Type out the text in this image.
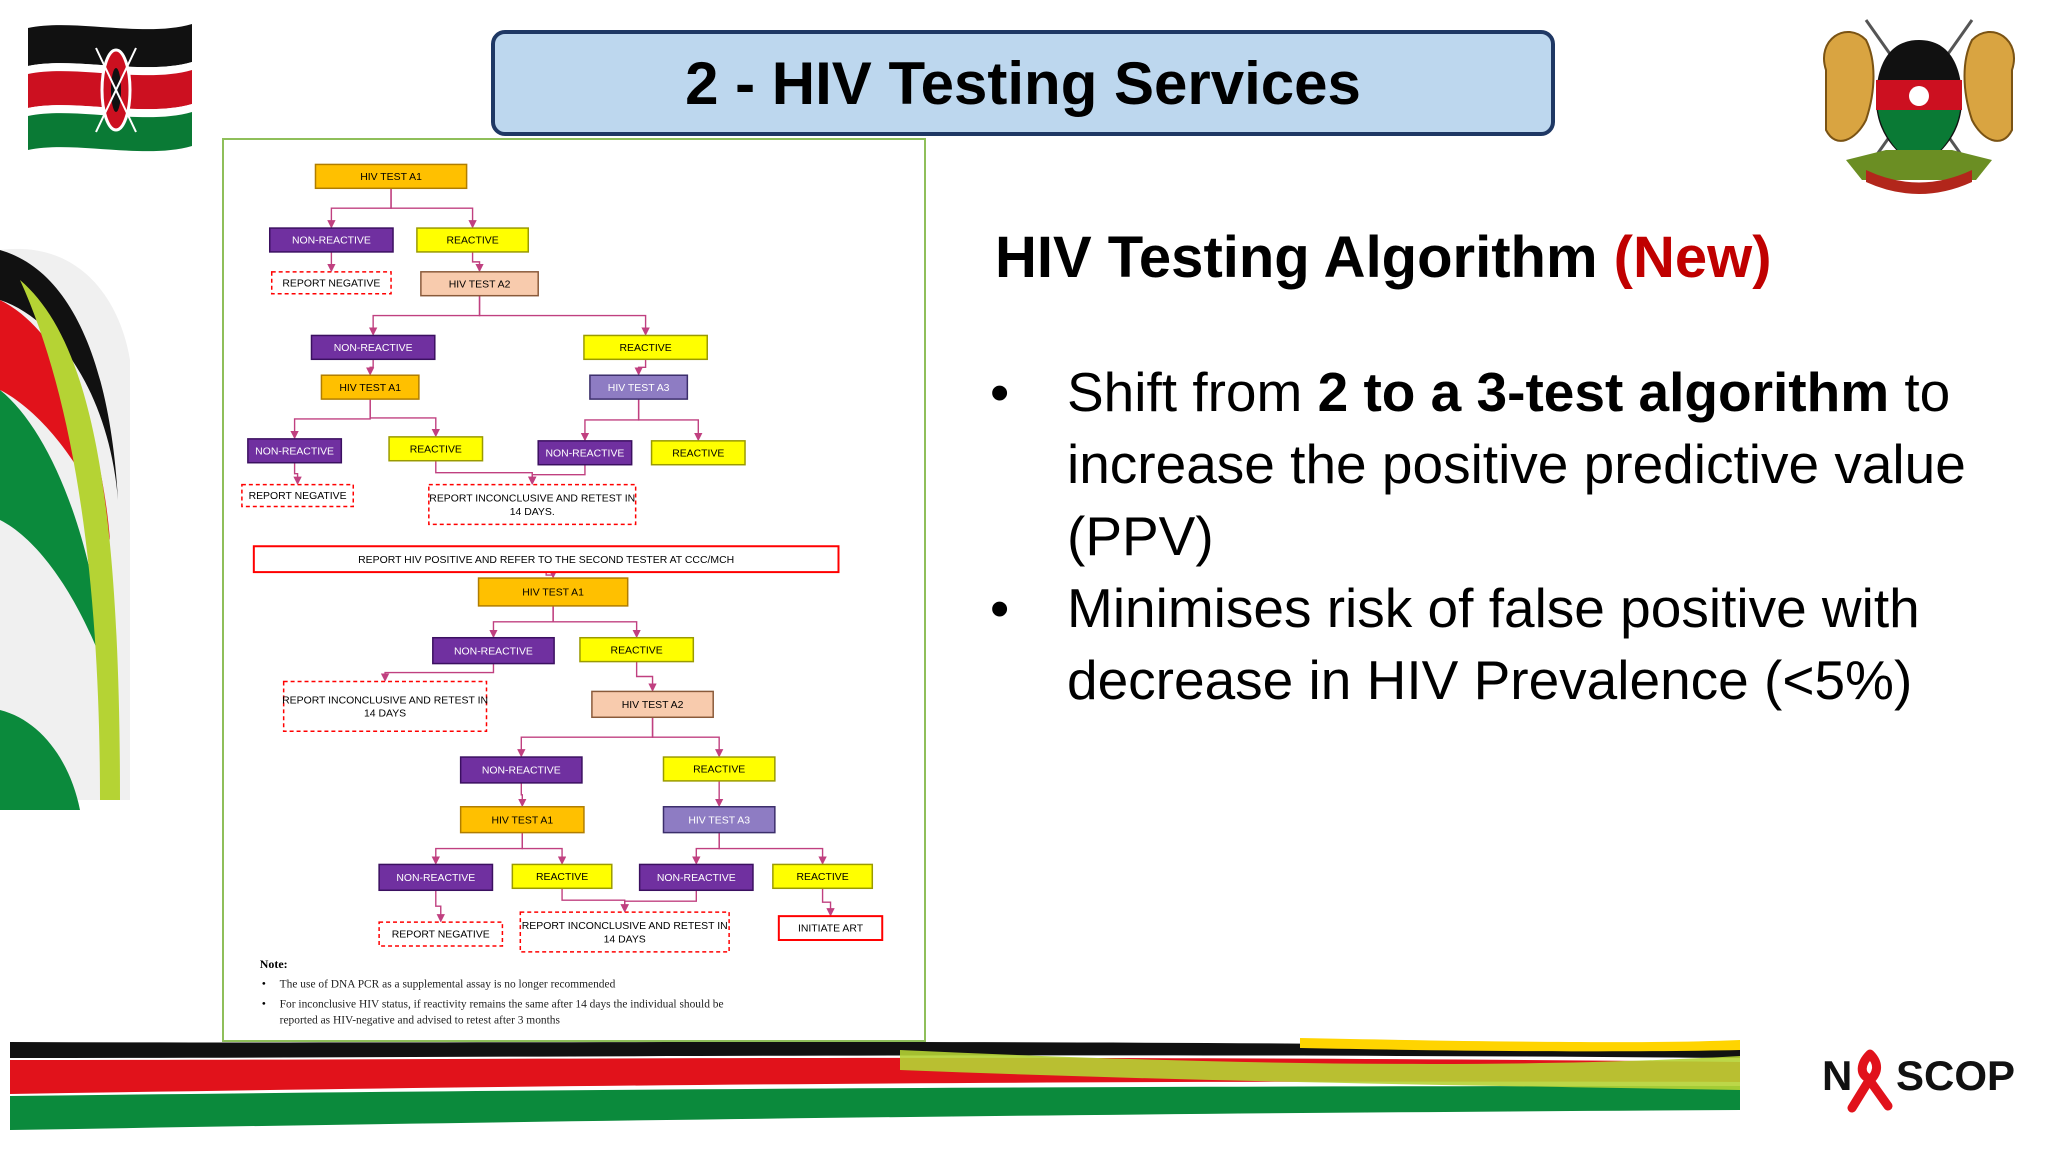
2 - HIV Testing Services
HIV TEST A1
NON-REACTIVE	REACTIVE
REPORT NEGATIVE	HIV TEST A2
NON-REACTIVE	REACTIVE
HIV TEST A1	HIV TEST A3
NON-REACTIVE	REACTIVE	NON-REACTIVE	REACTIVE
REPORT NEGATIVE	REPORT INCONCLUSIVE AND RETEST IN
14 DAYS.
REPORT HIV POSITIVE AND REFER TO THE SECOND TESTER AT CCC/MCH
HIV TEST A1
NON-REACTIVE	REACTIVE
REPORT INCONCLUSIVE AND RETEST IN
14 DAYS
HIV TEST A2
NON-REACTIVE	REACTIVE
HIV TEST A1	HIV TEST A3
NON-REACTIVE	REACTIVE	NON-REACTIVE	REACTIVE
REPORT NEGATIVE
REPORT INCONCLUSIVE AND RETEST IN
14 DAYS
INITIATE ART
Note:
• The use of DNA PCR as a supplemental assay is no longer recommended
• For inconclusive HIV status, if reactivity remains the same after 14 days the individual should be
reported as HIV-negative and advised to retest after 3 months
HIV Testing Algorithm (New)
• Shift from 2 to a 3-test algorithm to increase the positive predictive value (PPV)
• Minimises risk of false positive with decrease in HIV Prevalence (<5%)
N SCOP
